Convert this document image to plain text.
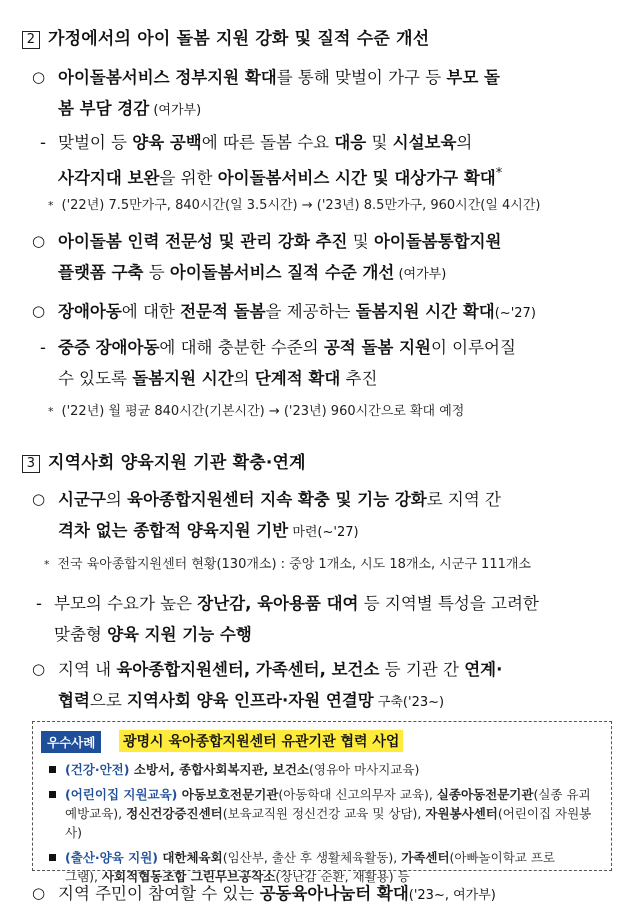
2 가정에서의 아이 돌봄 지원 강화 및 질적 수준 개선
○ 아이돌봄서비스 정부지원 확대를 통해 맞벌이 가구 등 부모 돌
봄 부담 경감 (여가부)
- 맞벌이 등 양육 공백에 따른 돌봄 수요 대응 및 시설보육의
사각지대 보완을 위한 아이돌봄서비스 시간 및 대상가구 확대*
* ('22년) 7.5만가구, 840시간(일 3.5시간) → ('23년) 8.5만가구, 960시간(일 4시간)
○ 아이돌봄 인력 전문성 및 관리 강화 추진 및 아이돌봄통합지원
플랫폼 구축 등 아이돌봄서비스 질적 수준 개선 (여가부)
○ 장애아동에 대한 전문적 돌봄을 제공하는 돌봄지원 시간 확대(~'27)
- 중증 장애아동에 대해 충분한 수준의 공적 돌봄 지원이 이루어질
수 있도록 돌봄지원 시간의 단계적 확대 추진
* ('22년) 월 평균 840시간(기본시간) → ('23년) 960시간으로 확대 예정
3 지역사회 양육지원 기관 확충·연계
○ 시군구의 육아종합지원센터 지속 확충 및 기능 강화로 지역 간
격차 없는 종합적 양육지원 기반 마련(~'27)
* 전국 육아종합지원센터 현황(130개소) : 중앙 1개소, 시도 18개소, 시군구 111개소
- 부모의 수요가 높은 장난감, 육아용품 대여 등 지역별 특성을 고려한
맞춤형 양육 지원 기능 수행
○ 지역 내 육아종합지원센터, 가족센터, 보건소 등 기관 간 연계·
협력으로 지역사회 양육 인프라·자원 연결망 구축('23~)
우수사례	광명시 육아종합지원센터 유관기관 협력 사업
(건강·안전) 소방서, 종합사회복지관, 보건소(영유아 마사지교육)
(어린이집 지원교육) 아동보호전문기관(아동학대 신고의무자 교육), 실종아동전문기관(실종 유괴
예방교육), 정신건강증진센터(보육교직원 정신건강 교육 및 상담), 자원봉사센터(어린이집 자원봉사)
(출산·양육 지원) 대한체육회(임산부, 출산 후 생활체육활동), 가족센터(아빠놀이학교 프로
그램), 사회적협동조합 그린무브공작소(장난감 순환, 재활용) 등
○ 지역 주민이 참여할 수 있는 공동육아나눔터 확대('23~, 여가부)
